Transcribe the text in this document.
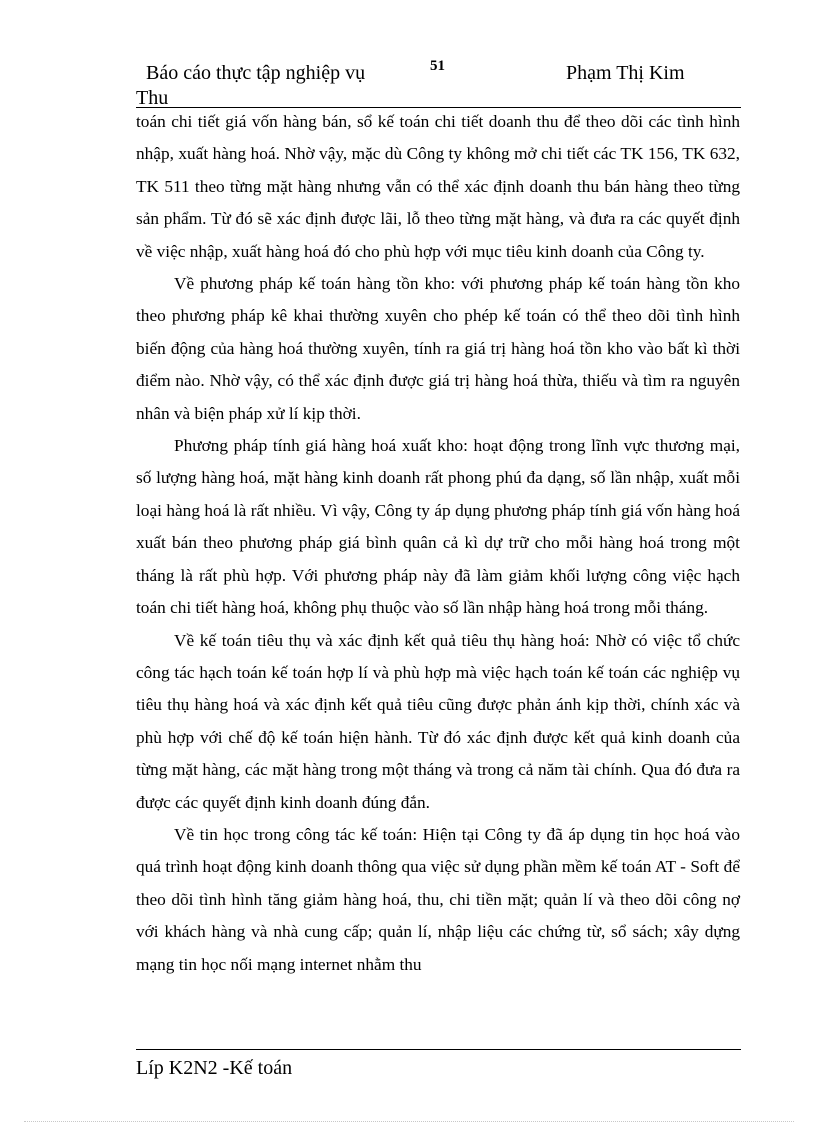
Báo cáo thực tập nghiệp vụ	51	Phạm Thị Kim
Thu

toán chi tiết giá vốn hàng bán, sổ kế toán chi tiết doanh thu để theo dõi các tình hình nhập, xuất hàng hoá. Nhờ vậy, mặc dù Công ty không mở chi tiết các TK 156, TK 632, TK 511 theo từng mặt hàng nhưng vẫn có thể xác định doanh thu bán hàng theo từng sản phẩm. Từ đó sẽ xác định được lãi, lỗ theo từng mặt hàng, và đưa ra các quyết định về việc nhập, xuất hàng hoá đó cho phù hợp với mục tiêu kinh doanh của Công ty.

Về phương pháp kế toán hàng tồn kho: với phương pháp kế toán hàng tồn kho theo phương pháp kê khai thường xuyên cho phép kế toán có thể theo dõi tình hình biến động của hàng hoá thường xuyên, tính ra giá trị hàng hoá tồn kho vào bất kì thời điểm nào. Nhờ vậy, có thể xác định được giá trị hàng hoá thừa, thiếu và tìm ra nguyên nhân và biện pháp xử lí kịp thời.

Phương pháp tính giá hàng hoá xuất kho: hoạt động trong lĩnh vực thương mại, số lượng hàng hoá, mặt hàng kinh doanh rất phong phú đa dạng, số lần nhập, xuất mỗi loại hàng hoá là rất nhiều. Vì vậy, Công ty áp dụng phương pháp tính giá vốn hàng hoá xuất bán theo phương pháp giá bình quân cả kì dự trữ cho mỗi hàng hoá trong một tháng là rất phù hợp. Với phương pháp này đã làm giảm khối lượng công việc hạch toán chi tiết hàng hoá, không phụ thuộc vào số lần nhập hàng hoá trong mỗi tháng.

Về kế toán tiêu thụ và xác định kết quả tiêu thụ hàng hoá: Nhờ có việc tổ chức công tác hạch toán kế toán hợp lí và phù hợp mà việc hạch toán kế toán các nghiệp vụ tiêu thụ hàng hoá và xác định kết quả tiêu cũng được phản ánh kịp thời, chính xác và phù hợp với chế độ kế toán hiện hành. Từ đó xác định được kết quả kinh doanh của từng mặt hàng, các mặt hàng trong một tháng và trong cả năm tài chính. Qua đó đưa ra được các quyết định kinh doanh đúng đắn.

Về tin học trong công tác kế toán: Hiện tại Công ty đã áp dụng tin học hoá vào quá trình hoạt động kinh doanh thông qua việc sử dụng phần mềm kế toán AT - Soft để theo dõi tình hình tăng giảm hàng hoá, thu, chi tiền mặt; quản lí và theo dõi công nợ với khách hàng và nhà cung cấp; quản lí, nhập liệu các chứng từ, sổ sách; xây dựng mạng tin học nối mạng internet nhằm thu

Líp K2N2 -Kế toán
